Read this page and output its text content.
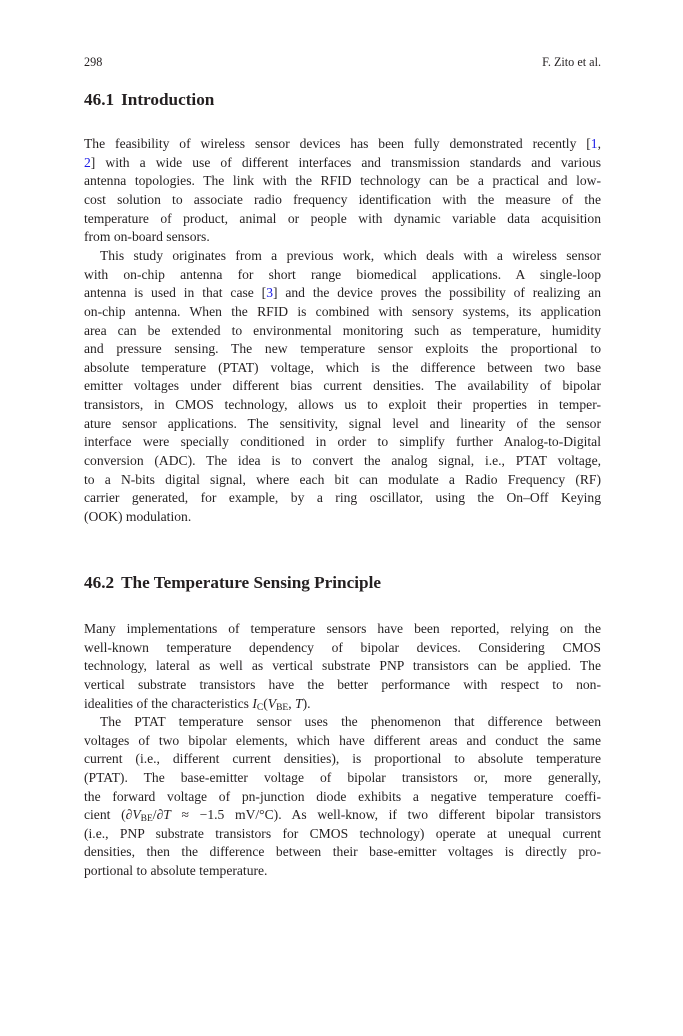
298	F. Zito et al.
46.1 Introduction
The feasibility of wireless sensor devices has been fully demonstrated recently [1,
2] with a wide use of different interfaces and transmission standards and various
antenna topologies. The link with the RFID technology can be a practical and low-
cost solution to associate radio frequency identification with the measure of the
temperature of product, animal or people with dynamic variable data acquisition
from on-board sensors.
This study originates from a previous work, which deals with a wireless sensor
with on-chip antenna for short range biomedical applications. A single-loop
antenna is used in that case [3] and the device proves the possibility of realizing an
on-chip antenna. When the RFID is combined with sensory systems, its application
area can be extended to environmental monitoring such as temperature, humidity
and pressure sensing. The new temperature sensor exploits the proportional to
absolute temperature (PTAT) voltage, which is the difference between two base
emitter voltages under different bias current densities. The availability of bipolar
transistors, in CMOS technology, allows us to exploit their properties in temper-
ature sensor applications. The sensitivity, signal level and linearity of the sensor
interface were specially conditioned in order to simplify further Analog-to-Digital
conversion (ADC). The idea is to convert the analog signal, i.e., PTAT voltage,
to a N-bits digital signal, where each bit can modulate a Radio Frequency (RF)
carrier generated, for example, by a ring oscillator, using the On–Off Keying
(OOK) modulation.
46.2 The Temperature Sensing Principle
Many implementations of temperature sensors have been reported, relying on the
well-known temperature dependency of bipolar devices. Considering CMOS
technology, lateral as well as vertical substrate PNP transistors can be applied. The
vertical substrate transistors have the better performance with respect to non-
idealities of the characteristics $I_C(V_{BE}$, T).
The PTAT temperature sensor uses the phenomenon that difference between
voltages of two bipolar elements, which have different areas and conduct the same
current (i.e., different current densities), is proportional to absolute temperature
(PTAT). The base-emitter voltage of bipolar transistors or, more generally,
the forward voltage of pn-junction diode exhibits a negative temperature coeffi-
cient ($\partial V_{BE}/\partial T \approx -1.5$ mV/°C). As well-know, if two different bipolar transistors
(i.e., PNP substrate transistors for CMOS technology) operate at unequal current
densities, then the difference between their base-emitter voltages is directly pro-
portional to absolute temperature.
